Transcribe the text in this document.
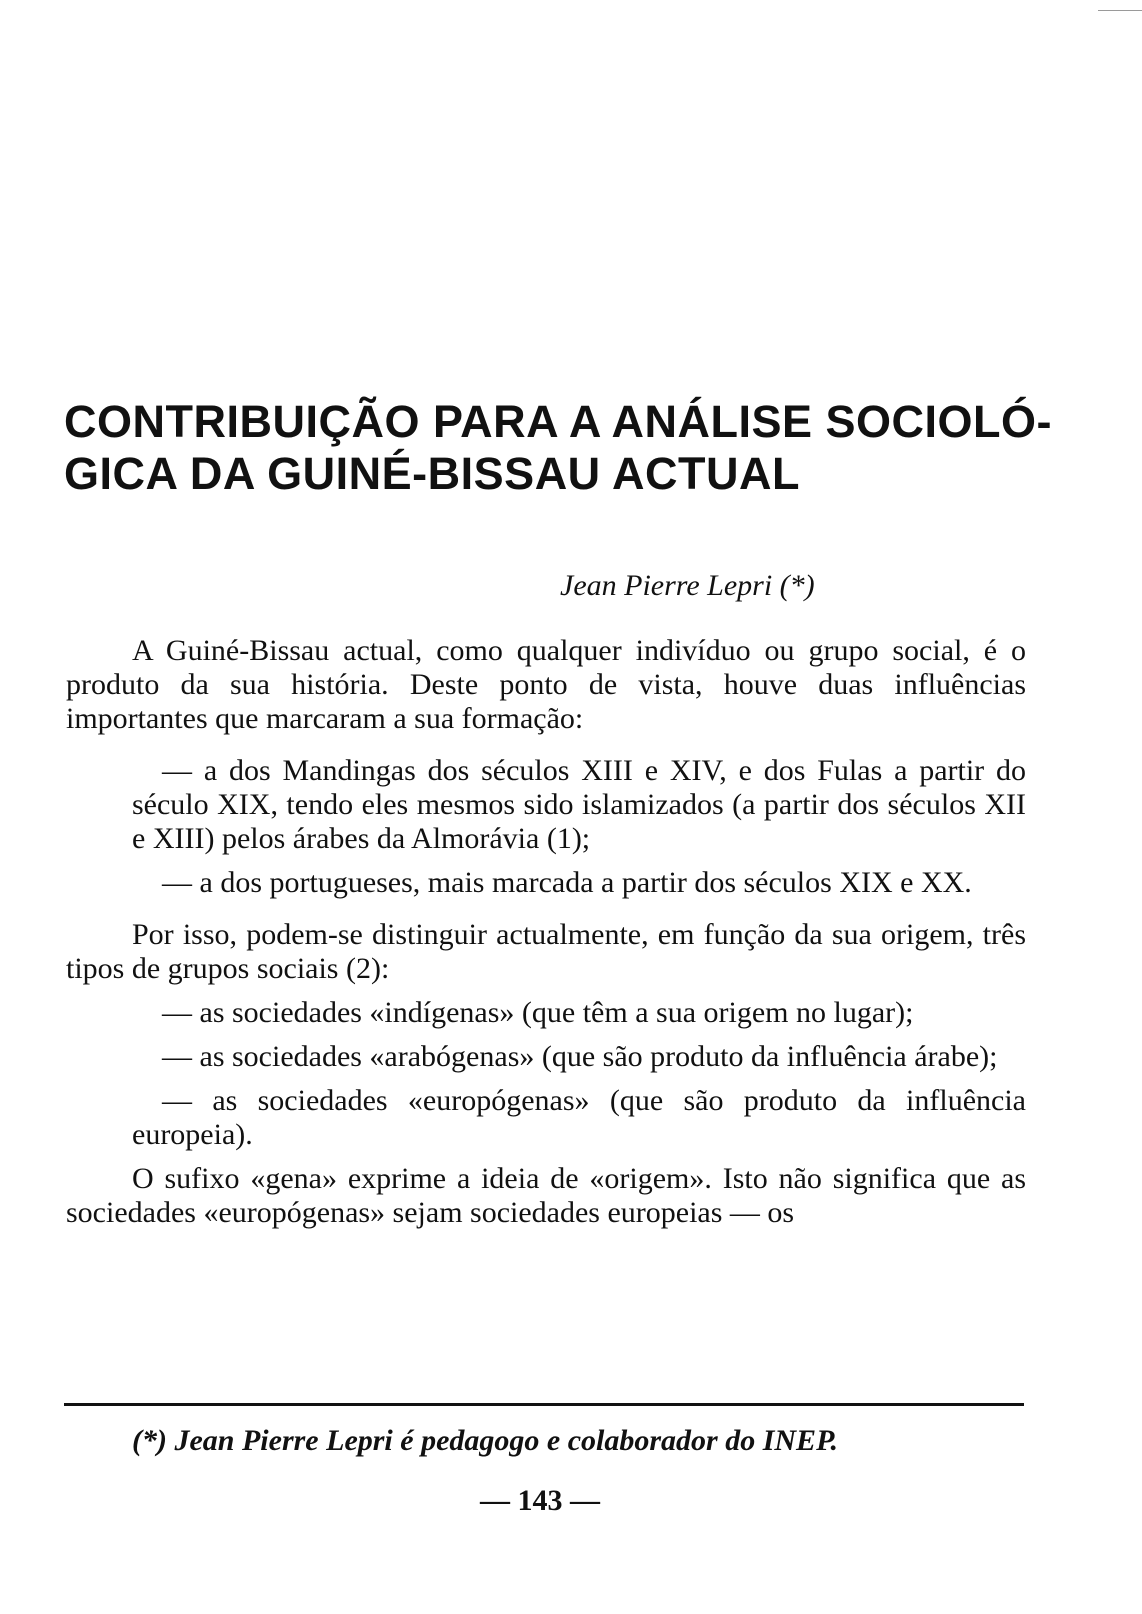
CONTRIBUIÇÃO PARA A ANÁLISE SOCIOLÓ-
GICA DA GUINÉ-BISSAU ACTUAL
Jean Pierre Lepri (*)

A Guiné-Bissau actual, como qualquer indivíduo ou grupo social, é o produto da sua história. Deste ponto de vista, houve duas influências importantes que marcaram a sua formação:

— a dos Mandingas dos séculos XIII e XIV, e dos Fulas a partir do século XIX, tendo eles mesmos sido islamizados (a partir dos séculos XII e XIII) pelos árabes da Almorávia (1);

— a dos portugueses, mais marcada a partir dos séculos XIX e XX.

Por isso, podem-se distinguir actualmente, em função da sua origem, três tipos de grupos sociais (2):

— as sociedades «indígenas» (que têm a sua origem no lugar);

— as sociedades «arabógenas» (que são produto da influência árabe);

— as sociedades «europógenas» (que são produto da influência europeia).

O sufixo «gena» exprime a ideia de «origem». Isto não significa que as sociedades «europógenas» sejam sociedades europeias — os

(*) Jean Pierre Lepri é pedagogo e colaborador do INEP.
— 143 —
